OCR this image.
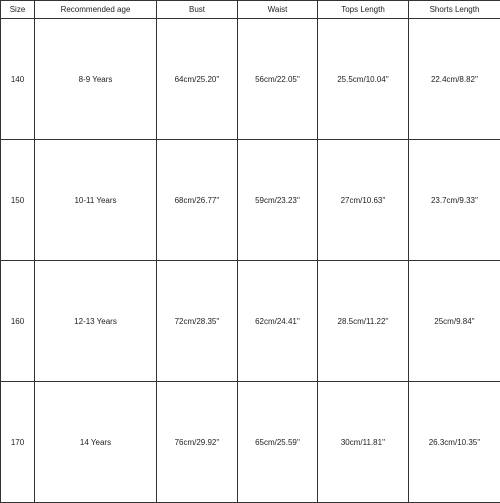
Size	Recommended age	Bust	Waist	Tops Length	Shorts Length
140	8-9 Years	64cm/25.20''	56cm/22.05''	25.5cm/10.04''	22.4cm/8.82''
150	10-11 Years	68cm/26.77''	59cm/23.23''	27cm/10.63''	23.7cm/9.33''
160	12-13 Years	72cm/28.35''	62cm/24.41''	28.5cm/11.22''	25cm/9.84''
170	14 Years	76cm/29.92''	65cm/25.59''	30cm/11.81''	26.3cm/10.35''
